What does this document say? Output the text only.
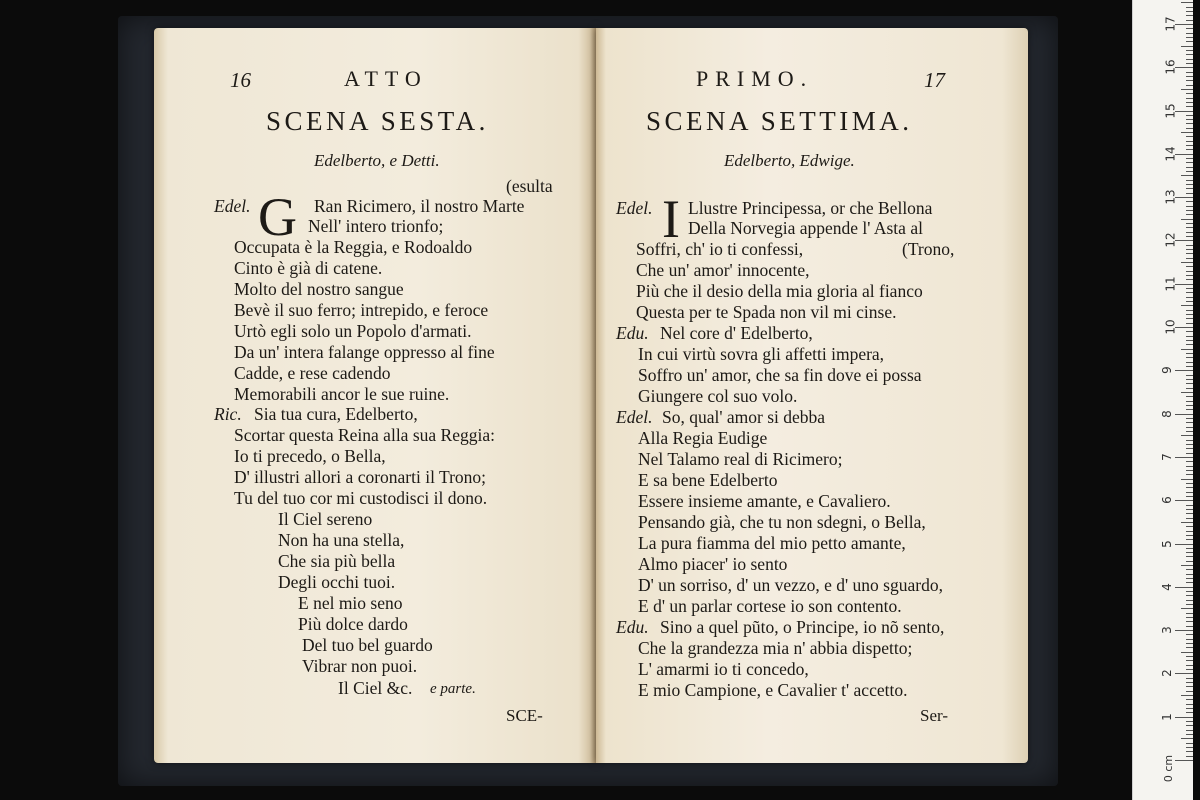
16	ATTO
SCENA SESTA.
Edelberto, e Detti.
(esulta
Edel. G Ran Ricimero, il nostro Marte
Nell' intero trionfo;
Occupata è la Reggia, e Rodoaldo
Cinto è già di catene.
Molto del nostro sangue
Bevè il suo ferro; intrepido, e feroce
Urtò egli solo un Popolo d'armati.
Da un' intera falange oppresso al fine
Cadde, e rese cadendo
Memorabili ancor le sue ruine.
Ric. Sia tua cura, Edelberto,
Scortar questa Reina alla sua Reggia:
Io ti precedo, o Bella,
D' illustri allori a coronarti il Trono;
Tu del tuo cor mi custodisci il dono.
Il Ciel sereno
Non ha una stella,
Che sia più bella
Degli occhi tuoi.
E nel mio seno
Più dolce dardo
Del tuo bel guardo
Vibrar non puoi.
Il Ciel &c. e parte.
SCE-
PRIMO.	17
SCENA SETTIMA.
Edelberto, Edwige.
Edel. I Llustre Principessa, or che Bellona
Della Norvegia appende l' Asta al
Soffri, ch' io ti confessi,	(Trono,
Che un' amor' innocente,
Più che il desio della mia gloria al fianco
Questa per te Spada non vil mi cinse.
Edu. Nel core d' Edelberto,
In cui virtù sovra gli affetti impera,
Soffro un' amor, che sa fin dove ei possa
Giungere col suo volo.
Edel. So, qual' amor si debba
Alla Regia Eudige
Nel Talamo real di Ricimero;
E sa bene Edelberto
Essere insieme amante, e Cavaliero.
Pensando già, che tu non sdegni, o Bella,
La pura fiamma del mio petto amante,
Almo piacer' io sento
D' un sorriso, d' un vezzo, e d' uno sguardo,
E d' un parlar cortese io son contento.
Edu. Sino a quel pũto, o Principe, io nõ sento,
Che la grandezza mia n' abbia dispetto;
L' amarmi io ti concedo,
E mio Campione, e Cavalier t' accetto.
Ser-
0 cm
1
2
3
4
5
6
7
8
9
10
11
12
13
14
15
16
17
